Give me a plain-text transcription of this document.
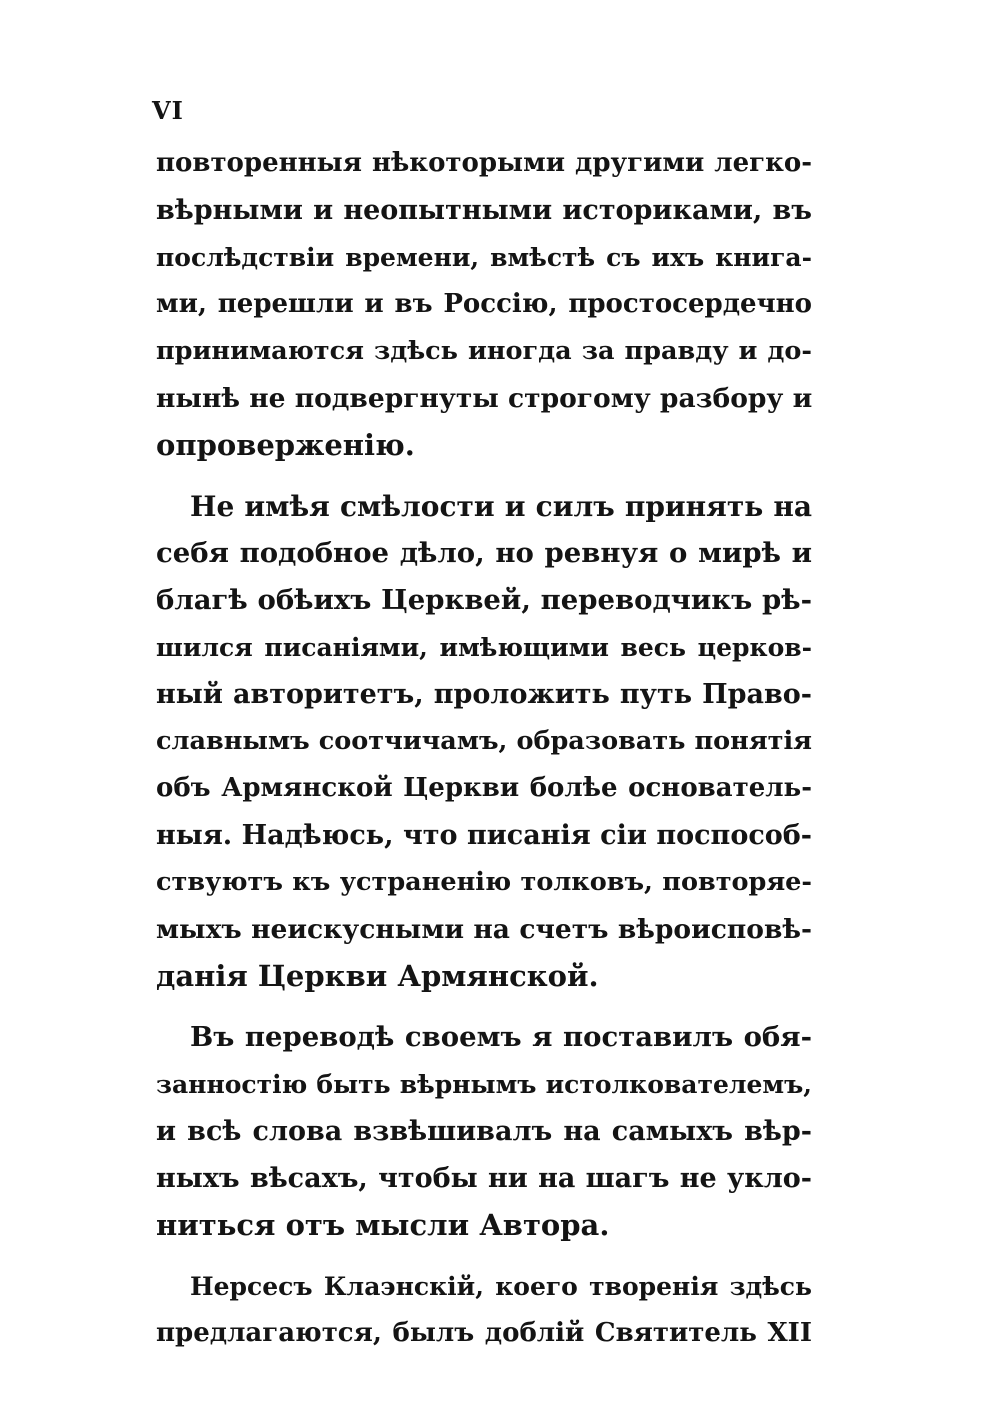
VI

повторенныя нѣкоторыми другими легко-
вѣрными и неопытными историками, въ
послѣдствіи времени, вмѣстѣ съ ихъ книга-
ми, перешли и въ Россію, простосердечно
принимаются здѣсь иногда за правду и до-
нынѣ не подвергнуты строгому разбору и
опроверженію.

Не имѣя смѣлости и силъ принять на
себя подобное дѣло, но ревнуя о мирѣ и
благѣ обѣихъ Церквей, переводчикъ рѣ-
шился писаніями, имѣющими весь церков-
ный авторитетъ, проложить путь Право-
славнымъ соотчичамъ, образовать понятія
объ Армянской Церкви болѣе основатель-
ныя. Надѣюсь, что писанія сіи поспособ-
ствуютъ къ устраненію толковъ, повторяе-
мыхъ неискусными на счетъ вѣроисповѣ-
данія Церкви Армянской.

Въ переводѣ своемъ я поставилъ обя-
занностію быть вѣрнымъ истолкователемъ,
и всѣ слова взвѣшивалъ на самыхъ вѣр-
ныхъ вѣсахъ, чтобы ни на шагъ не укло-
ниться отъ мысли Автора.

Нерсесъ Клаэнскій, коего творенія здѣсь
предлагаются, былъ доблій Святитель XII
